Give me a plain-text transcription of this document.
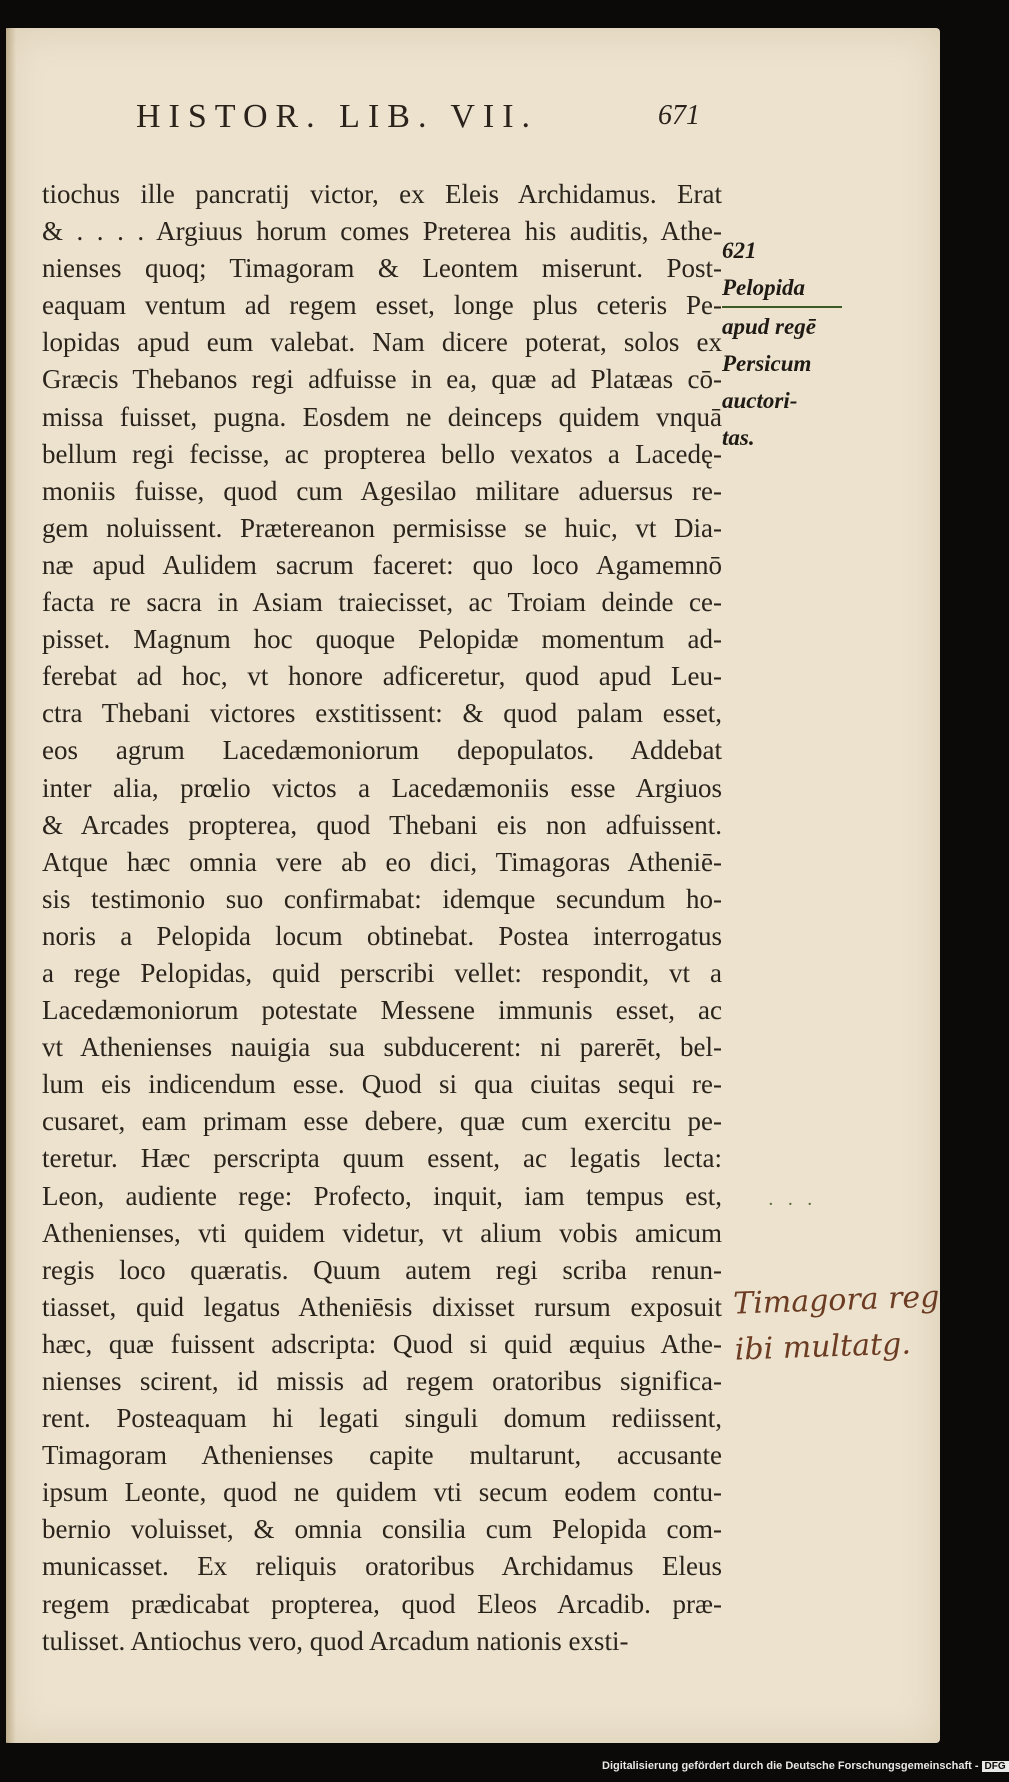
HISTOR. LIB. VII.	671
tiochus ille pancratij victor, ex Eleis Archidamus. Erat
& . . . . Argiuus horum comes Preterea his auditis, Athe-
nienses quoq; Timagoram & Leontem miserunt. Post-
eaquam ventum ad regem esset, longe plus ceteris Pe-
lopidas apud eum valebat. Nam dicere poterat, solos ex
Græcis Thebanos regi adfuisse in ea, quæ ad Platæas cō-
missa fuisset, pugna. Eosdem ne deinceps quidem vnquā
bellum regi fecisse, ac propterea bello vexatos a Lacedę-
moniis fuisse, quod cum Agesilao militare aduersus re-
gem noluissent. Prætereanon permisisse se huic, vt Dia-
næ apud Aulidem sacrum faceret: quo loco Agamemnō
facta re sacra in Asiam traiecisset, ac Troiam deinde ce-
pisset. Magnum hoc quoque Pelopidæ momentum ad-
ferebat ad hoc, vt honore adficeretur, quod apud Leu-
ctra Thebani victores exstitissent: & quod palam esset,
eos agrum Lacedæmoniorum depopulatos. Addebat
inter alia, prœlio victos a Lacedæmoniis esse Argiuos
& Arcades propterea, quod Thebani eis non adfuissent.
Atque hæc omnia vere ab eo dici, Timagoras Atheniē-
sis testimonio suo confirmabat: idemque secundum ho-
noris a Pelopida locum obtinebat. Postea interrogatus
a rege Pelopidas, quid perscribi vellet: respondit, vt a
Lacedæmoniorum potestate Messene immunis esset, ac
vt Athenienses nauigia sua subducerent: ni parerēt, bel-
lum eis indicendum esse. Quod si qua ciuitas sequi re-
cusaret, eam primam esse debere, quæ cum exercitu pe-
teretur. Hæc perscripta quum essent, ac legatis lecta:
Leon, audiente rege: Profecto, inquit, iam tempus est,
Athenienses, vti quidem videtur, vt alium vobis amicum
regis loco quæratis. Quum autem regi scriba renun-
tiasset, quid legatus Atheniēsis dixisset rursum exposuit
hæc, quæ fuissent adscripta: Quod si quid æquius Athe-
nienses scirent, id missis ad regem oratoribus significa-
rent. Posteaquam hi legati singuli domum rediissent,
Timagoram Athenienses capite multarunt, accusante
ipsum Leonte, quod ne quidem vti secum eodem contu-
bernio voluisset, & omnia consilia cum Pelopida com-
municasset. Ex reliquis oratoribus Archidamus Eleus
regem prædicabat propterea, quod Eleos Arcadib. præ-
tulisset. Antiochus vero, quod Arcadum nationis exsti-
621
Pelopida
apud regē
Persicum
auctori-
tas.
· · ·
Timagora reg
ibi multatg.
Digitalisierung gefördert durch die Deutsche Forschungsgemeinschaft - DFG
